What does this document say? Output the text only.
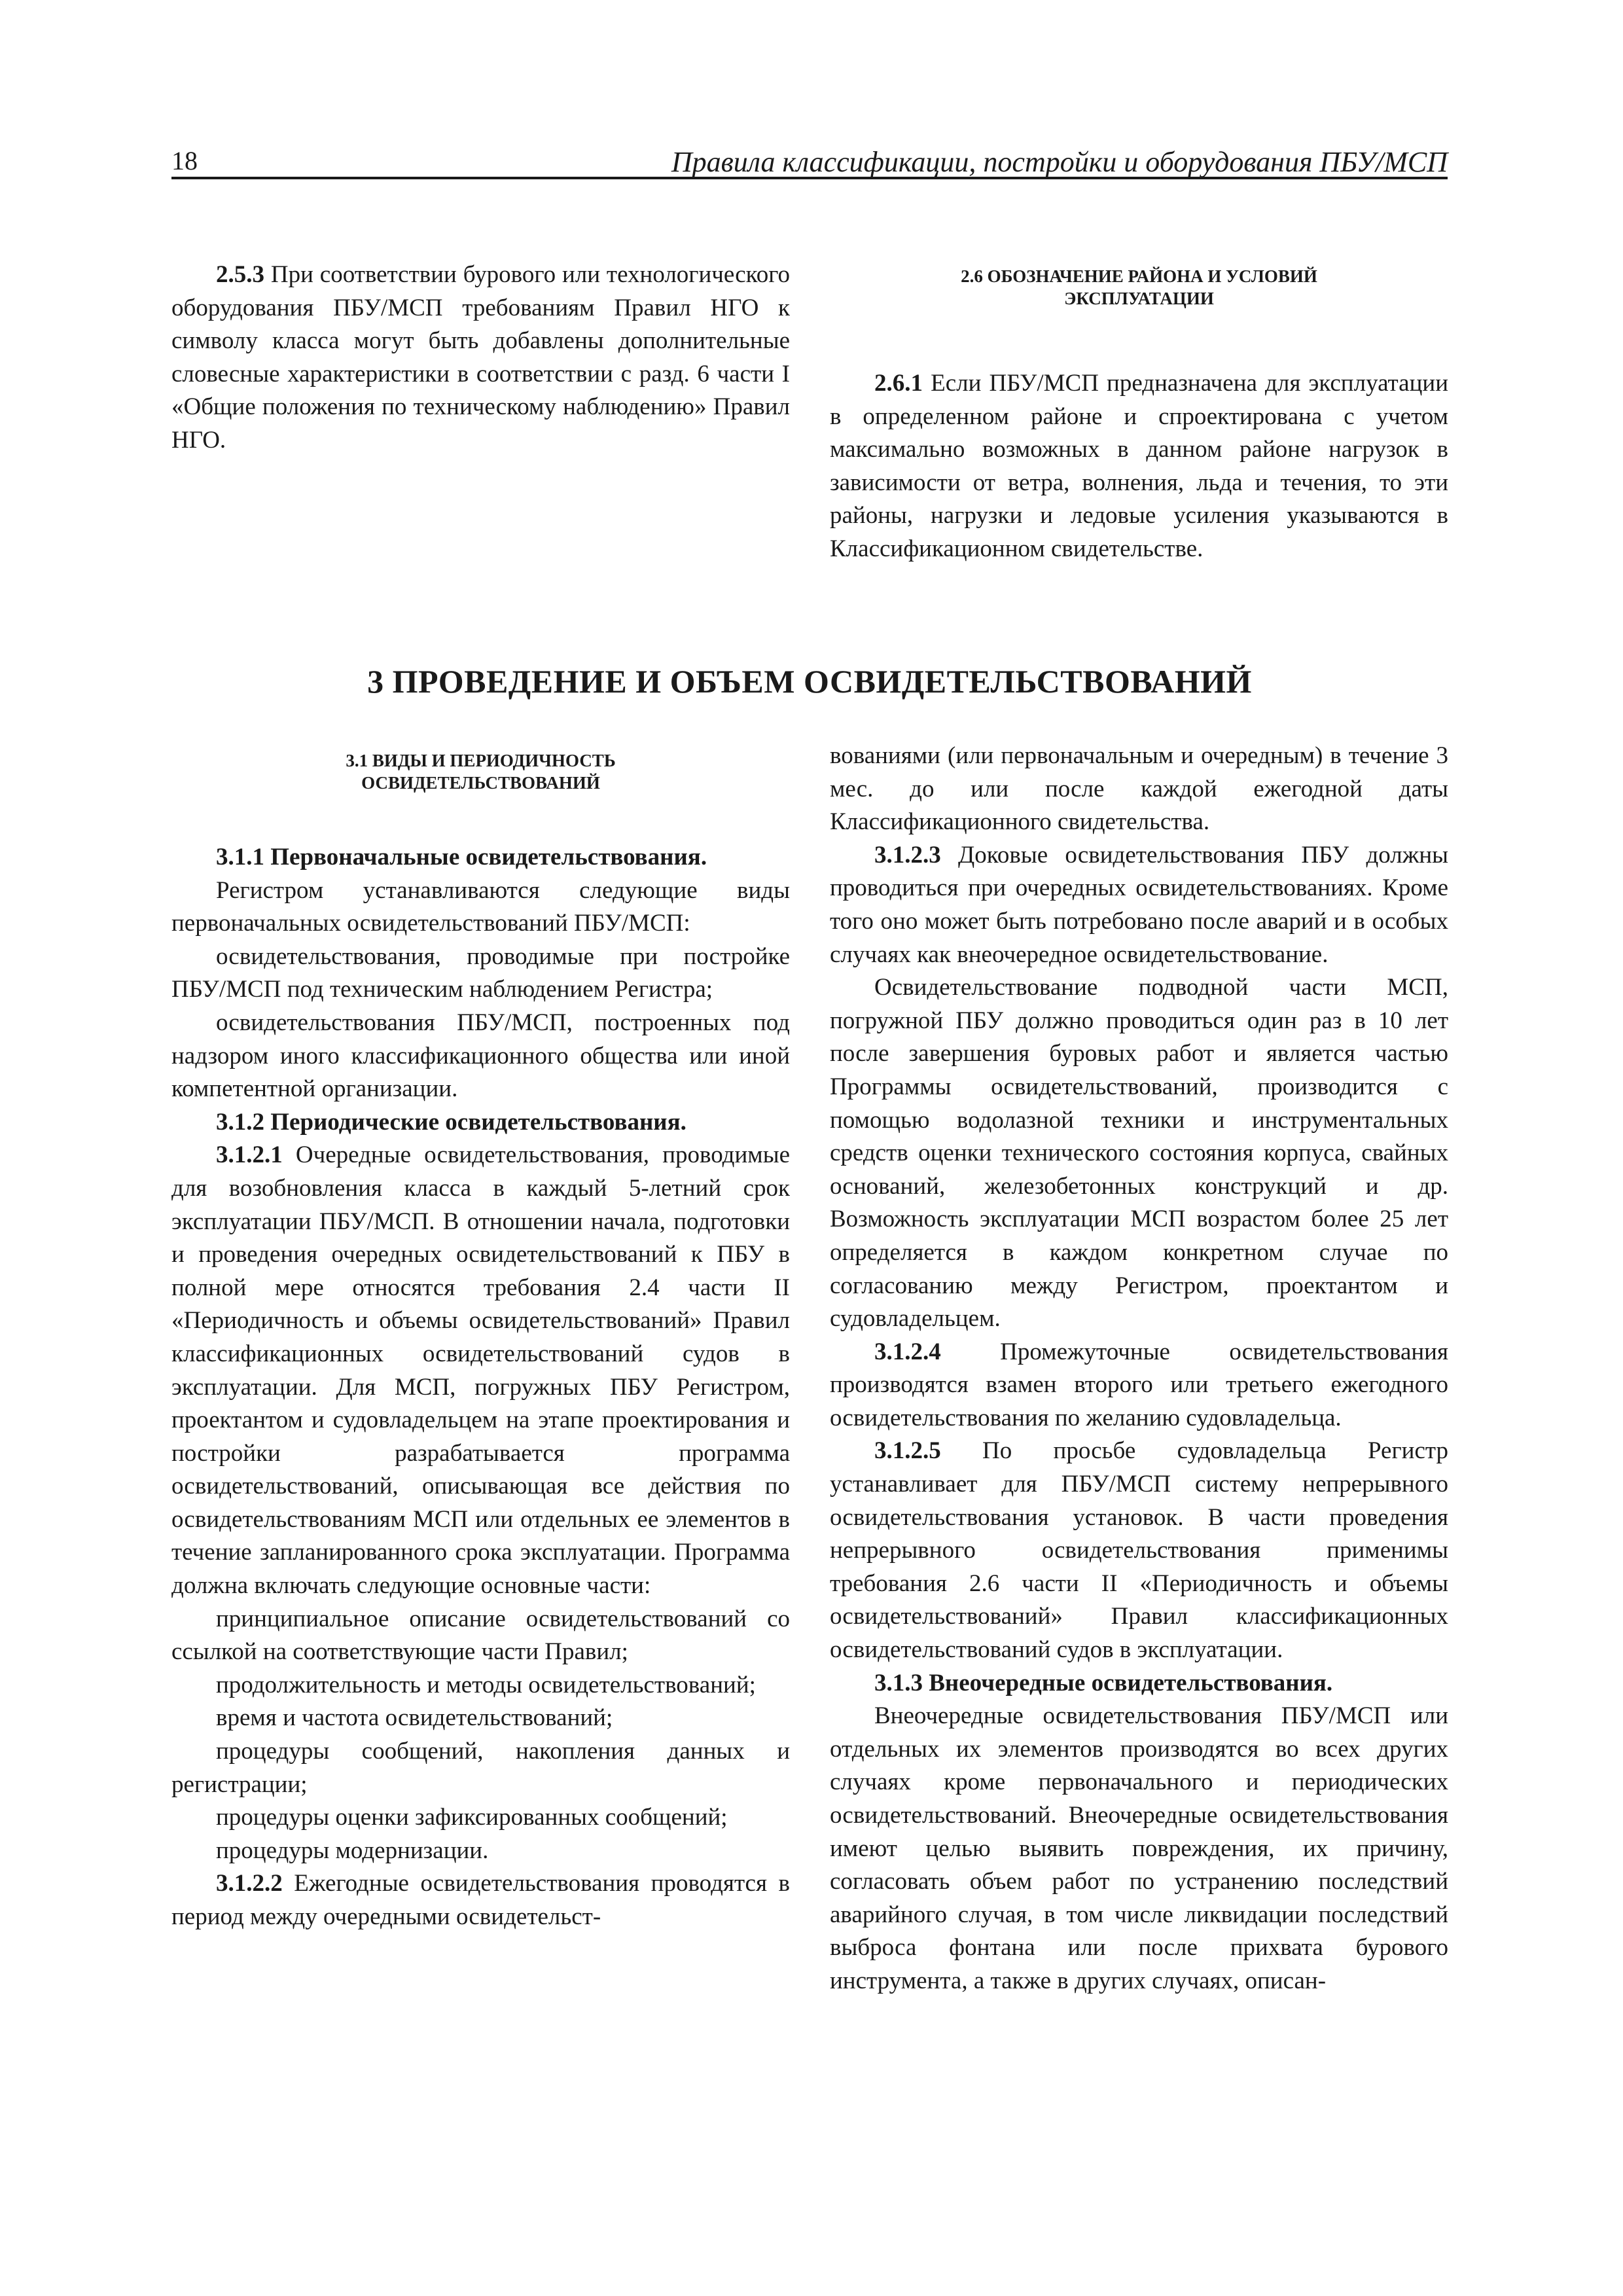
18	Правила классификации, постройки и оборудования ПБУ/МСП

2.5.3 При соответствии бурового или технологического оборудования ПБУ/МСП требованиям Правил НГО к символу класса могут быть добавлены дополнительные словесные характеристики в соответствии с разд. 6 части I «Общие положения по техническому наблюдению» Правил НГО.

2.6 ОБОЗНАЧЕНИЕ РАЙОНА И УСЛОВИЙ ЭКСПЛУАТАЦИИ

2.6.1 Если ПБУ/МСП предназначена для эксплуатации в определенном районе и спроектирована с учетом максимально возможных в данном районе нагрузок в зависимости от ветра, волнения, льда и течения, то эти районы, нагрузки и ледовые усиления указываются в Классификационном свидетельстве.

3 ПРОВЕДЕНИЕ И ОБЪЕМ ОСВИДЕТЕЛЬСТВОВАНИЙ
3.1 ВИДЫ И ПЕРИОДИЧНОСТЬ ОСВИДЕТЕЛЬСТВОВАНИЙ

3.1.1 Первоначальные освидетельствования.

Регистром устанавливаются следующие виды первоначальных освидетельствований ПБУ/МСП:

освидетельствования, проводимые при постройке ПБУ/МСП под техническим наблюдением Регистра;

освидетельствования ПБУ/МСП, построенных под надзором иного классификационного общества или иной компетентной организации.

3.1.2 Периодические освидетельствования.

3.1.2.1 Очередные освидетельствования, проводимые для возобновления класса в каждый 5-летний срок эксплуатации ПБУ/МСП. В отношении начала, подготовки и проведения очередных освидетельствований к ПБУ в полной мере относятся требования 2.4 части II «Периодичность и объемы освидетельствований» Правил классификационных освидетельствований судов в эксплуатации. Для МСП, погружных ПБУ Регистром, проектантом и судовладельцем на этапе проектирования и постройки разрабатывается программа освидетельствований, описывающая все действия по освидетельствованиям МСП или отдельных ее элементов в течение запланированного срока эксплуатации. Программа должна включать следующие основные части:

принципиальное описание освидетельствований со ссылкой на соответствующие части Правил;

продолжительность и методы освидетельствований;

время и частота освидетельствований;

процедуры сообщений, накопления данных и регистрации;

процедуры оценки зафиксированных сообщений;

процедуры модернизации.

3.1.2.2 Ежегодные освидетельствования проводятся в период между очередными освидетельст-

вованиями (или первоначальным и очередным) в течение 3 мес. до или после каждой ежегодной даты Классификационного свидетельства.

3.1.2.3 Доковые освидетельствования ПБУ должны проводиться при очередных освидетельствованиях. Кроме того оно может быть потребовано после аварий и в особых случаях как внеочередное освидетельствование.

Освидетельствование подводной части МСП, погружной ПБУ должно проводиться один раз в 10 лет после завершения буровых работ и является частью Программы освидетельствований, производится с помощью водолазной техники и инструментальных средств оценки технического состояния корпуса, свайных оснований, железобетонных конструкций и др. Возможность эксплуатации МСП возрастом более 25 лет определяется в каждом конкретном случае по согласованию между Регистром, проектантом и судовладельцем.

3.1.2.4 Промежуточные освидетельствования производятся взамен второго или третьего ежегодного освидетельствования по желанию судовладельца.

3.1.2.5 По просьбе судовладельца Регистр устанавливает для ПБУ/МСП систему непрерывного освидетельствования установок. В части проведения непрерывного освидетельствования применимы требования 2.6 части II «Периодичность и объемы освидетельствований» Правил классификационных освидетельствований судов в эксплуатации.

3.1.3 Внеочередные освидетельствования.

Внеочередные освидетельствования ПБУ/МСП или отдельных их элементов производятся во всех других случаях кроме первоначального и периодических освидетельствований. Внеочередные освидетельствования имеют целью выявить повреждения, их причину, согласовать объем работ по устранению последствий аварийного случая, в том числе ликвидации последствий выброса фонтана или после прихвата бурового инструмента, а также в других случаях, описан-
